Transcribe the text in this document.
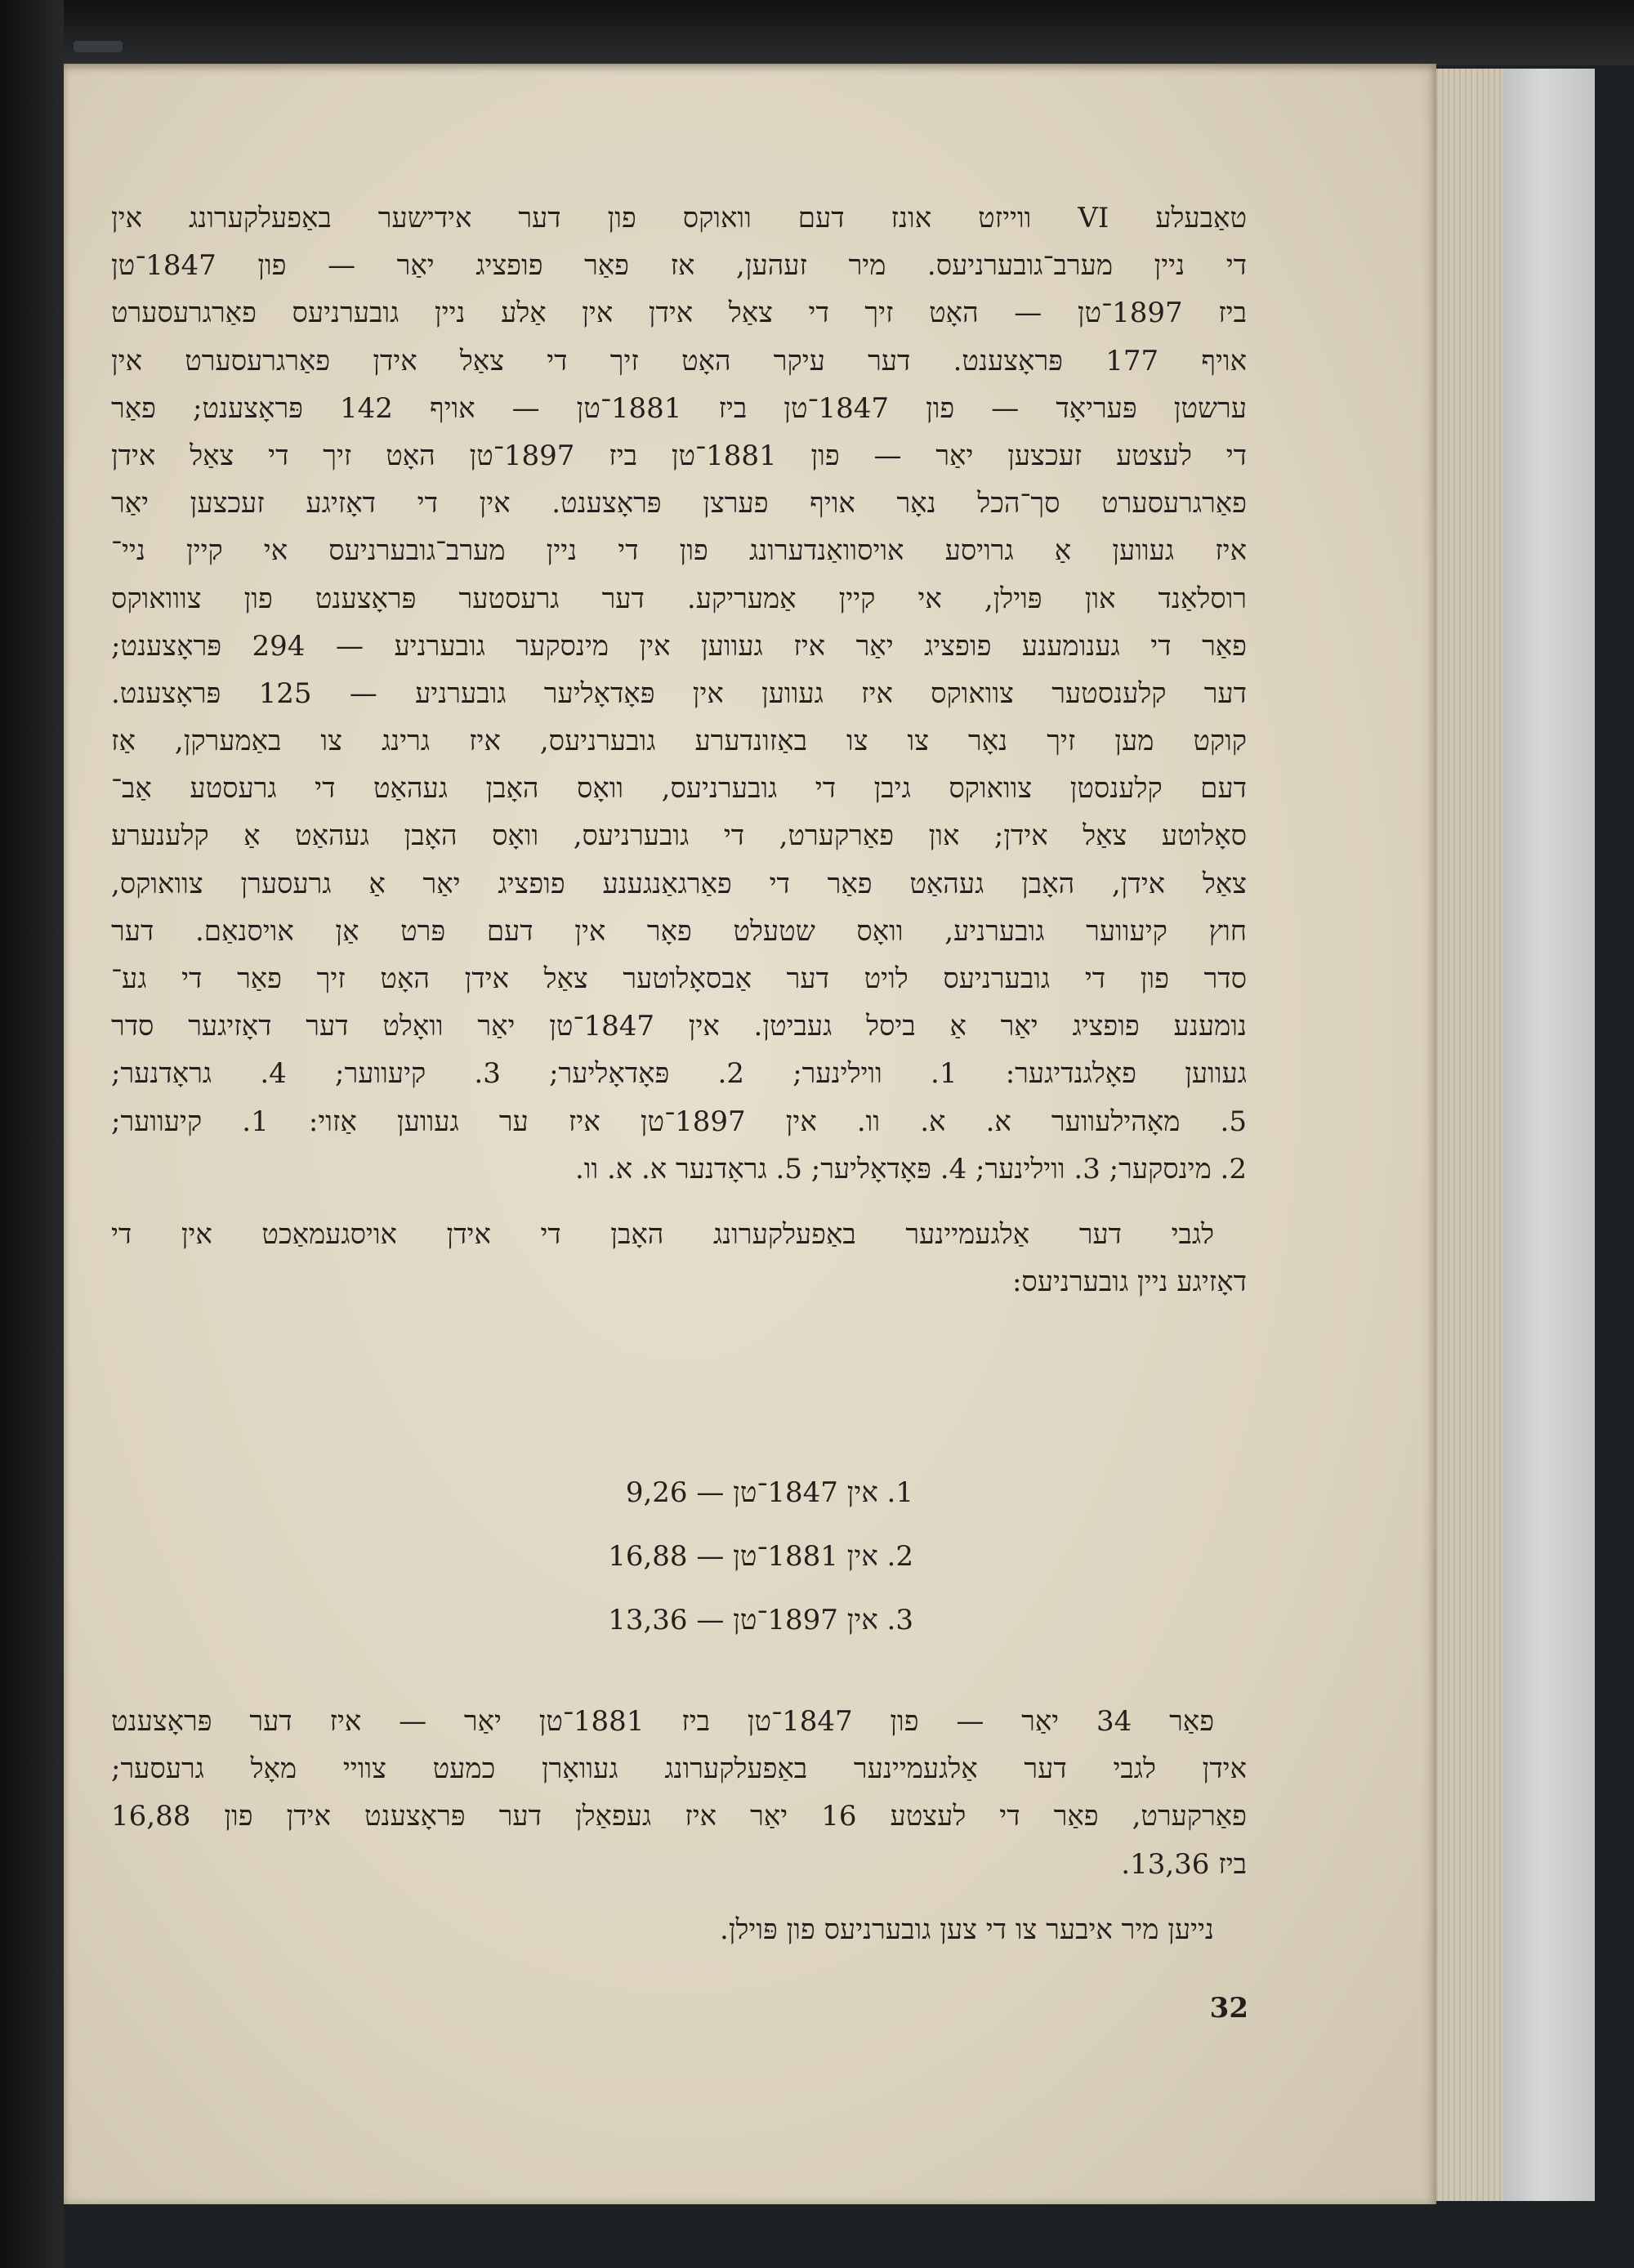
טאַבעלע VI ווייזט אונז דעם וואוקס פון דער אידישער באַפעלקערונג אין
די ניין מערב־גובערניעס. מיר זעהען, אז פאַר פופציג יאַר — פון 1847־טן
ביז 1897־טן — האָט זיך די צאַל אידן אין אַלע ניין גובערניעס פאַרגרעסערט
אויף 177 פּראָצענט. דער עיקר האָט זיך די צאַל אידן פאַרגרעסערט אין
ערשטן פּעריאָד — פון 1847־טן ביז 1881־טן — אויף 142 פּראָצענט; פאַר
די לעצטע זעכצען יאַר — פון 1881־טן ביז 1897־טן האָט זיך די צאַל אידן
פאַרגרעסערט סך־הכל נאָר אויף פערצן פּראָצענט. אין די דאָזיגע זעכצען יאַר
איז געווען אַ גרויסע אויסוואַנדערונג פון די ניין מערב־גובערניעס אי קיין ניי־
רוסלאַנד און פּוילן, אי קיין אַמעריקע. דער גרעסטער פּראָצענט פון צווואוקס
פאַר די גענומענע פופציג יאַר איז געווען אין מינסקער גובערניע — 294 פּראָצענט;
דער קלענסטער צוואוקס איז געווען אין פּאָדאָליער גובערניע — 125 פּראָצענט.
קוקט מען זיך נאָר צו צו באַזונדערע גובערניעס, איז גרינג צו באַמערקן, אַז
דעם קלענסטן צוואוקס גיבן די גובערניעס, וואָס האָבן געהאַט די גרעסטע אַב־
סאָלוטע צאַל אידן; און פאַרקערט, די גובערניעס, וואָס האָבן געהאַט אַ קלענערע
צאַל אידן, האָבן געהאַט פאַר די פאַרגאַנגענע פופציג יאַר אַ גרעסערן צוואוקס,
חוץ קיעווער גובערניע, וואָס שטעלט פאָר אין דעם פּרט אַן אויסנאַם. דער
סדר פון די גובערניעס לויט דער אַבסאָלוטער צאַל אידן האָט זיך פאַר די גע־
נומענע פופציג יאַר אַ ביסל געביטן. אין 1847־טן יאַר וואָלט דער דאָזיגער סדר
געווען פאָלגנדיגער: 1. ווילינער; 2. פּאָדאָליער; 3. קיעווער; 4. גראָדנער;
5. מאָהילעווער א. א. וו. אין 1897־טן איז ער געווען אַזוי: 1. קיעווער;
2. מינסקער; 3. ווילינער; 4. פּאָדאָליער; 5. גראָדנער א. א. וו.
לגבי דער אַלגעמיינער באַפעלקערונג האָבן די אידן אויסגעמאַכט אין די
דאָזיגע ניין גובערניעס:
1. אין 1847־טן — 9,26
2. אין 1881־טן — 16,88
3. אין 1897־טן — 13,36
פאַר 34 יאַר — פון 1847־טן ביז 1881־טן יאַר — איז דער פּראָצענט
אידן לגבי דער אַלגעמיינער באַפעלקערונג געוואָרן כמעט צוויי מאָל גרעסער;
פאַרקערט, פאַר די לעצטע 16 יאַר איז געפאַלן דער פּראָצענט אידן פון 16,88
ביז 13,36.
נייען מיר איבער צו די צען גובערניעס פון פּוילן.
32
